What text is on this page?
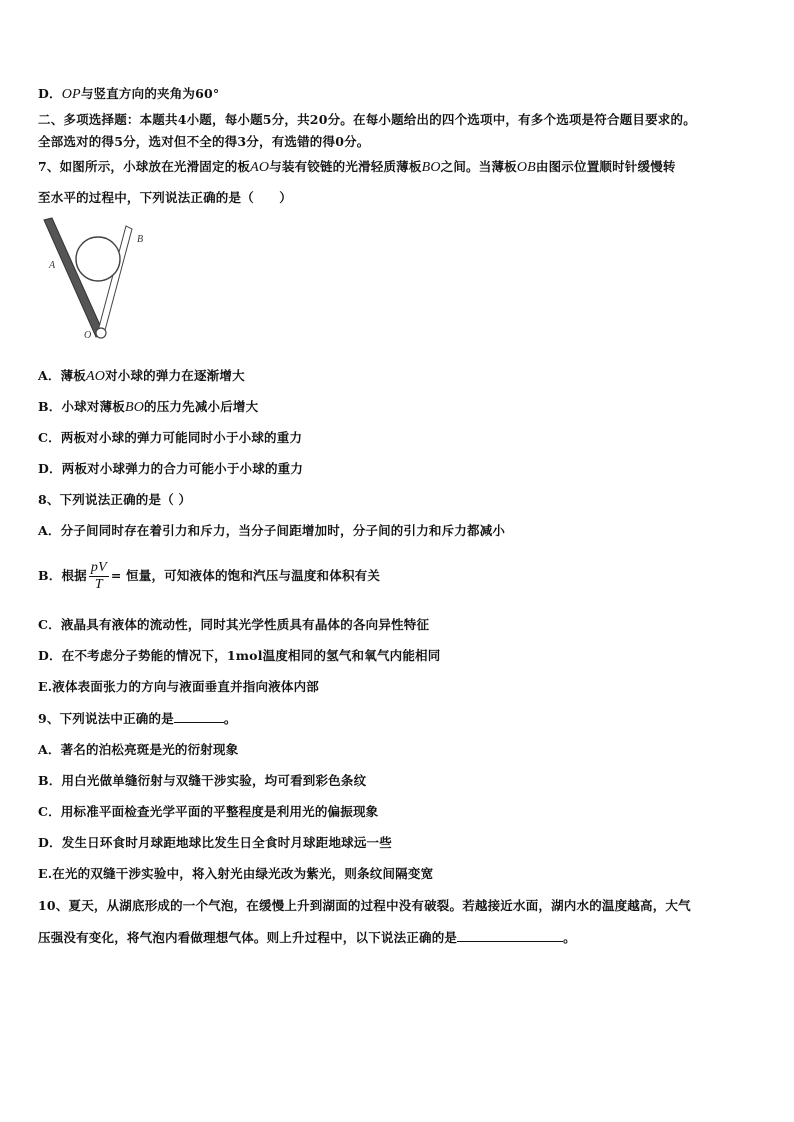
D．OP与竖直方向的夹角为60°
二、多项选择题：本题共4小题，每小题5分，共20分。在每小题给出的四个选项中，有多个选项是符合题目要求的。
全部选对的得5分，选对但不全的得3分，有选错的得0分。
7、如图所示，小球放在光滑固定的板AO与装有铰链的光滑轻质薄板BO之间。当薄板OB由图示位置顺时针缓慢转
至水平的过程中，下列说法正确的是（　　）
A
B
O
A．薄板AO对小球的弹力在逐渐增大
B．小球对薄板BO的压力先减小后增大
C．两板对小球的弹力可能同时小于小球的重力
D．两板对小球弹力的合力可能小于小球的重力
8、下列说法正确的是（ ）
A．分子间同时存在着引力和斥力，当分子间距增加时，分子间的引力和斥力都减小
B．根据 $\frac{pV}{T}$ = 恒量，可知液体的饱和汽压与温度和体积有关
C．液晶具有液体的流动性，同时其光学性质具有晶体的各向异性特征
D．在不考虑分子势能的情况下，1mol温度相同的氢气和氧气内能相同
E.液体表面张力的方向与液面垂直并指向液体内部
9、下列说法中正确的是	。
A．著名的泊松亮斑是光的衍射现象
B．用白光做单缝衍射与双缝干涉实验，均可看到彩色条纹
C．用标准平面检查光学平面的平整程度是利用光的偏振现象
D．发生日环食时月球距地球比发生日全食时月球距地球远一些
E.在光的双缝干涉实验中，将入射光由绿光改为紫光，则条纹间隔变宽
10、夏天，从湖底形成的一个气泡，在缓慢上升到湖面的过程中没有破裂。若越接近水面，湖内水的温度越高，大气
压强没有变化，将气泡内看做理想气体。则上升过程中，以下说法正确的是	。
